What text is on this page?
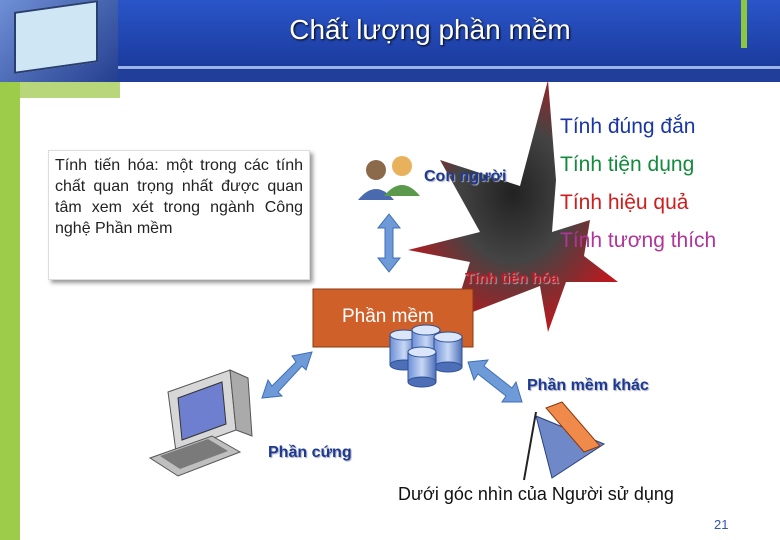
Chất lượng phần mềm
Tính tiến hóa: một trong các tính chất quan trọng nhất được quan tâm xem xét trong ngành Công nghệ Phần mềm
Tính đúng đắn
Tính tiện dụng
Tính hiệu quả
Tính tương thích
Con người
Tính tiến hóa
Phần mềm
Phần mềm khác
Phần cứng
Dưới góc nhìn của Người sử dụng
21
